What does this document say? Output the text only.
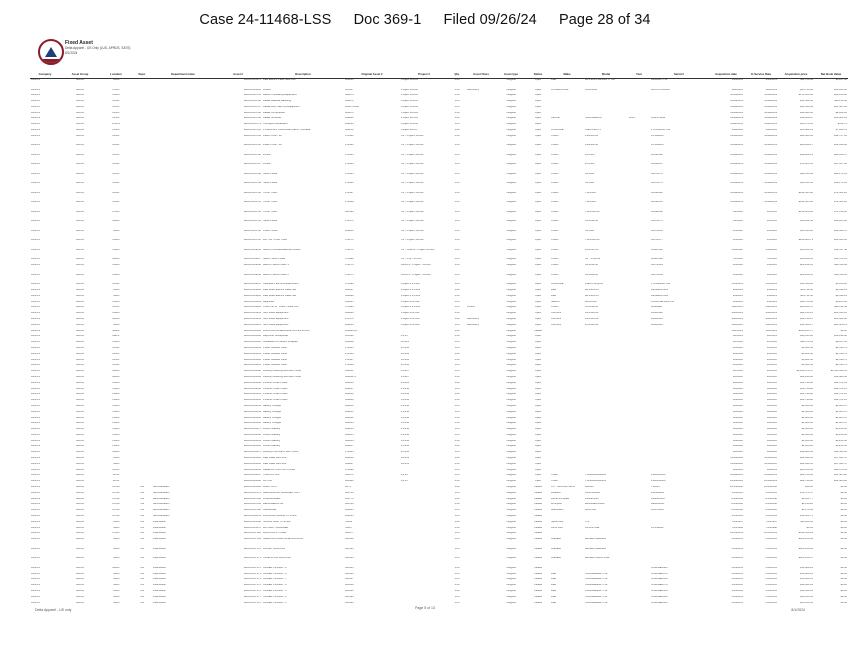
Case 24-11468-LSS Doc 369-1 Filed 09/26/24 Page 28 of 34
Fixed Asset
Delta Apparel - US Only (LUS, APRUS, SATS)
8/1/2024
Company	Asset Group	Location	Dept.	Department name	Asset #	Description	Original Asset #	Project #	Qty.	Asset Class	Asset type	Status	Make	Model	Year	Serial #	Acquisition date	In Service Date	Acquisition price	Net Book Value
APRUS	MACH	THDC			MACH-005574	Fale Electric Pallet Jack #26	609843	Project 18-003	1.00		Tangible	Open	Fale	MPP9D6VS0ZRDKT7T48		A2669617T3P	3/16/2019	3/16/2019	$11,764.69	$6,167.32
APRUS	MACH	FUDC			MACH-005601	Forklift	605007	Project 18-000	1.00	Machinery	Tangible	Open	CATERPILLAR	GC25KRD		NL6.K78010658	10/2/2019	10/2/2019	$35,790.88	$18,189.85
APRUS	MACH	CHDC			MACH-005703	Hebron Operating Equipment	409879	Project 18-041	1.00		Tangible	Open					11/18/2019	11/18/2019	$174,650.30	$90,258.86
APRUS	MACH	DLDC			MACH-005706	Dallas Material Handling	409876	Project 18-003	1.00		Tangible	Open					11/18/2019	11/18/2019	$21,562.90	$11,133.86
APRUS	MACH	DLDC			MACH-005707	Dallas Misc Start Up Equipment	409879-008	Project 18-003	1.00		Tangible	Open					11/18/2019	11/18/2019	$41,461.90	$21,425.94
APRUS	MACH	DLDC			MACH-005708	Dallas Compressor	409871	Project 18-003	1.00		Tangible	Open					11/18/2019	11/18/2019	$18,093.06	$9,349.06
APRUS	MACH	DLDC			MACH-005709	Dallas Scrubber	409822	Project 18-003	1.00		Tangible	Open	Karcher	SCRUBERICK	2019	1122174992	11/18/2019	11/18/2019	$19,309.87	$10,083.23
APRUS	MACH	COVIN			MACH-005779	Covington Expansion	409830	Project 18-000	1.00		Tangible	Open					11/22/2019	11/22/2019	$16,671.20	$553.72
APRUS	MACH	FUDC			MACH-005781	PUSH/PULL CASCADE 35E ATTACHME	601169	Project 18-047	1.00		Tangible	Open	CASCADE	35E-PPE-671		P7L25H258-7A3	1/29/2020	1/29/2020	$15,382.13	$7,620.74
APRUS	MACH	DLDC			MACH-005784	Pallet Truck - 48"	474441	C1 - Project 18-023	1.00		Tangible	Open	Crown	PR4500-60		1C1G6203	11/19/2019	11/19/2019	$28,583.30	$14,707.95
APRUS	MACH	DLDC			MACH-005785	Pallet Truck - 96"	474443	C1 - Project 18-023	1.00		Tangible	Open	Crown	PR4500-60		1C1G6208	11/19/2019	11/19/2019	$28,609.27	$14,834.96
APRUS	MACH	DLDC			MACH-005786	Forklift	474443	C1 - Project 18-023	1.00		Tangible	Open	Crown	RC5500		1A696142	11/19/2019	11/19/2019	$38,922.13	$20,058.57
APRUS	MACH	DLDC			MACH-005787	Forklift	474444	C1 - Project 18-023	1.00		Tangible	Open	Crown	RC5500		1A696167	11/19/2019	11/19/2019	$73,180.51	$37,817.83
APRUS	MACH	DLDC			MACH-005788	Stock Picker	474445	C1 - Project 18-023	1.00		Tangible	Open	Crown	SP3500		1A671176	11/19/2019	11/19/2019	$38,556.59	$19,171.14
APRUS	MACH	DLDC			MACH-005789	Stock Picker	474446	C1 - Project 18-023	1.00		Tangible	Open	Crown	SP3500		1A671173	11/19/2019	11/19/2019	$38,556.59	$19,171.14
APRUS	MACH	DLDC			MACH-005790	Turret Truck	474447	C1 - Project 18-023	1.00		Tangible	Open	Crown	TSP6500		1A696520	11/19/2019	11/19/2019	$144,595.60	$74,601.22
APRUS	MACH	DLDC			MACH-005791	Turret Truck	474448	C1 - Project 18-023	1.00		Tangible	Open	Crown	TSP6500		1A696521	11/19/2019	11/19/2019	$144,595.60	$74,601.22
APRUS	MACH	FUDC			MACH-005792	Turret Truck	409100	C1 - Project 18-036	1.00		Tangible	Open	Crown	TSP6500-33		1A696038	1/2/2020	1/2/2020	$133,460.00	$71,190.82
APRUS	MACH	NBDC			MACH-005793	Stock Picker	474371	C1 - Project 18-036	1.00		Tangible	Open	Crown	SP3530-30		1A671175	1/2/2020	1/2/2020	$58,832.56	$31,286.90
APRUS	MACH	THDC			MACH-005794	Order Picker	409840	C1 - Project 18-036	1.00		Tangible	Open	Crown	SP3500		1A672036	1/6/2020	1/6/2020	$56,096.00	$29,694.72
APRUS	MACH	CHDC			MACH-005795	DH TSP Turret Truck	474271	C1 - Project 18-036	1.00		Tangible	Open	Crown	TSP6500-33		1A672677	1/6/2020	1/6/2020	$129,486.73	$69,000.34
APRUS	MACH	CHDC			MACH-005805	Hebron Counterbalanced Forklift	474272	C1 - JOBUS - Project 20-000	1.00		Tangible	Open	Crown	RC5535-35		1A461385	3/18/2020	3/18/2020	$35,121.60	$18,517.58
APRUS	MACH	NBDC			MACH-005827	NBDC Stock Picker	474392	C1 - Proj - 20-015	1.00		Tangible	Open	Crown	SP - 3510-30		1A683380	7/2/2020	7/2/2020	$56,288.81	$30,471.81
APRUS	MACH	CHDC			MACH-005838	Hebron Stock Picker 1	474274	APRUS - Project - 19-036	1.00		Tangible	Open	Crown	SP3530-30		1A672964	1/8/2020	1/8/2020	$60,232.16	$32,119.99
APRUS	MACH	CHDC			MACH-005841	Hebron Stock Picker 2	474275	APRUS - Project - 19-036	1.00		Tangible	Open	Crown	SP3500-30		1A673049	1/8/2020	1/8/2020	$60,232.16	$32,119.99
APRUS	MACH	DLDC			MACH-005878	Cascade Push/Pull attachment	474492	Project # 21-011	1.00		Tangible	Open	CASCADE	35E-PPB-Q050		P7L25H258-7A3	5/25/2021	5/25/2021	$13,438.00	$5,659.80
APRUS	MACH	THDC			MACH-005880	Fale Rider Electric Pallet Jac	409837	Project # 21-003	1.00		Tangible	Open	Fale	MPP9D5V4		A2694RD1F2V	2/8/2021	2/8/2021	$14,711.50	$6,599.13
APRUS	MACH	THDC			MACH-005881	Fale Rider Electric Pallet Jac	409838	Project # 21-003	1.00		Tangible	Open	Fale	MPP9D5V4		A2694RD1S4V	2/8/2021	2/8/2021	$14,711.50	$6,599.13
APRUS	MACH	PHDC			MACH-005941	Bagcloser	409835	Project P01-001	1.00		Tangible	Open	NEDLO	MAXLINH		1083-R1E/1083-F1T	2/8/2021	2/8/2021	$13,750.00	$6,205.30
APRUS	MACH	DLDC			MACH-005950	Crown 36"/8" Order Picker W/2	474494	Project # 21-003	1.00	Forklift	Tangible	Open	Crown	SP3530-30		A58868E	3/22/2021	3/22/2021	$60,821.76	$32,211.44
APRUS	MACH	PHDC			MACH-005953	S&J Sheet Equipment	409839	Project P01-001	1.00		Tangible	Open	CROWN	RC5540-40		1A669122	3/23/2021	3/23/2021	$44,153.25	$20,333.21
APRUS	MACH	NBDC			MACH-005954	S&J Sheet Equipment	474170	Project P01-008	1.00	Machinery	Tangible	Open	CROWN	RC5540-40		1A669121	3/23/2021	3/23/2021	$46,744.87	$26,604.36
APRUS	MACH	THDC			MACH-005955	S&J Sheet Equipment	409840	Project P01-008	1.00	Machinery	Tangible	Open	CROWN	RC5540-40		1A669105	3/23/2021	3/23/2021	$41,523.27	$26,308.13
APRUS	MACH	NBDC			MACH-006011	RACKING-CASE/PALLET/PIPE FLOWS	409820-01		1.00		Tangible	Closed					10/1/2021	10/1/2021	$346,655.75	$0.00
APRUS	MACH	DEPF			MACH-006130	Raymond Stockpicker	100330	21-05	1.00		Tangible	Open					8/1/2021	8/1/2021	$16,195.00	$10,292.88
APRUS	MACH	PHDC			MACH-006136	Installation of Stretch Wrapper	409888	20-021	1.00		Tangible	Open					2/1/2022	2/1/2022	$11,371.63	$8,617.81
APRUS	MACH	DLDC			MACH-006203	Power Breeder Fans	474405	22-032	1.00		Tangible	Open					4/6/2022	4/6/2022	$5,681.30	$4,539.74
APRUS	MACH	DLDC			MACH-006203	Power Breeder Fans	474406	22-032	1.00		Tangible	Open					4/6/2022	4/6/2022	$5,681.30	$4,539.74
APRUS	MACH	DLDC			MACH-006204	Power Breeder Fans	474407	22-032	1.00		Tangible	Open					4/6/2022	4/6/2022	$5,681.30	$4,539.74
APRUS	MACH	DLDC			MACH-006205	Power Breeder Fans	474408	22-032	1.00		Tangible	Open					4/6/2022	4/6/2022	$5,681.30	$4,539.74
APRUS	MACH	NBDC			MACH-006208	Duxbury Racking and Mezz Gold	409811	21-027	1.00		Tangible	Open					4/1/2022	4/1/2022	$1,290,871.97	$1,103,930.11
APRUS	MACH	NBDC			MACH-006209	Duxbury Racking and Mezz Gold	409811-1	21-027	1.00		Tangible	Open					4/1/2022	4/1/2022	$43,244.00	$36,984.40
APRUS	MACH	PHDC			MACH-006248	Phoenix Order Picker	409846	21-044	1.00		Tangible	Open					6/6/2022	6/6/2022	$54,798.88	$42,471.25
APRUS	MACH	PHDC			MACH-006250	Phoenix Order Picker	409847	21-044	1.00		Tangible	Open					6/6/2022	6/6/2022	$54,798.88	$42,471.25
APRUS	MACH	PHDC			MACH-006251	Phoenix Order Picker	409848	21-044	1.00		Tangible	Open					6/6/2022	6/6/2022	$54,798.88	$42,471.25
APRUS	MACH	PHDC			MACH-006252	Phoenix Order Picker	409849	21-044	1.00		Tangible	Open					6/6/2022	6/6/2022	$54,798.88	$42,471.25
APRUS	MACH	PHDC			MACH-006253	Battery Charger	409850	21-044	1.00		Tangible	Open					6/6/2022	6/6/2022	$1,400.00	$1,085.78
APRUS	MACH	PHDC			MACH-006254	Battery Charger	409851	21-044	1.00		Tangible	Open					6/6/2022	6/6/2022	$1,400.00	$1,085.78
APRUS	MACH	PHDC			MACH-006255	Battery Charger	409852	21-044	1.00		Tangible	Open					6/6/2022	6/6/2022	$1,400.00	$1,085.78
APRUS	MACH	PHDC			MACH-006256	Battery Charger	409853	21-044	1.00		Tangible	Open					6/6/2022	6/6/2022	$1,400.00	$1,085.78
APRUS	MACH	PHDC			MACH-006257	Lithium Battery	409854	21-044	1.00		Tangible	Open					6/6/2022	6/6/2022	$1,600.00	$1,240.06
APRUS	MACH	PHDC			MACH-006258	Lithium Battery	409855	21-044	1.00		Tangible	Open					6/6/2022	6/6/2022	$1,600.00	$1,240.06
APRUS	MACH	PHDC			MACH-006259	Lithium Battery	409856	21-044	1.00		Tangible	Open					6/6/2022	6/6/2022	$1,600.00	$1,240.06
APRUS	MACH	PHDC			MACH-006260	Lithium Battery	409857	21-044	1.00		Tangible	Open					6/6/2022	6/6/2022	$1,600.00	$1,240.06
APRUS	MACH	NBDC			MACH-006457	Duxbury Fire Alarm Horn Strob	474364	22-041	1.00		Tangible	Open					8/3/2022	8/3/2022	$36,481.00	$30,594.66
APRUS	MACH	THDC			MACH-006620	Fale Pallet Both #08	409848	22-051	1.00		Tangible	Open					11/16/2022	11/16/2022	$21,944.51	$17,821.57
APRUS	MACH	THDC			MACH-006630	Fale Pallet Both #00	409847	22-051	1.00		Tangible	Open					11/16/2022	11/16/2022	$21,944.51	$17,821.57
APRUS	MACH	DLDC			MACH-006685	Dallas AC Unit in DTG Area	474099		1.00		Tangible	Open					8/6/2023	8/6/2023	$20,219.06	$18,679.61
APRUS	MACH	DLTH			MACH-006687	Trane AC Unit	409170	23-15	1.00		Tangible	Open	Trane	TSF060A4000001		2100104060	10/20/2023	10/20/2023	$24,798.00	$22,465.82
APRUS	MACH	DLTH			MACH-006688	AC Unit	409180	23-15	1.00		Tangible	Open	Trane	TSF060A4000001		2102104060	10/20/2023	10/20/2023	$24,798.00	$22,465.82
APRUS	MACH	CONC	788	Administration	MACH-005930	LIGHT BOX	6075		1.00		Tangible	Closed	UTI - Minimize Items	MM030		T03595	10/15/2006	10/15/2006	$34.60	$0.00
APRUS	MACH	CONC	788	Administration	MACH-007076	REPLACE AIR HANDLER UNIT	601702		1.00		Tangible	Closed	Fedders	A2SPG042A		241900423	3/15/2012	3/15/2012	$74,571.47	$0.00
APRUS	MACH	CONC	788	Administration	MACH-007082	DISHWASHER	408776		1.00		Tangible	Closed	Fisher & Paykel	DD24DV2H		DD24DV2H	8/15/2008	8/15/2008	$1,181.77	$0.00
APRUS	MACH	CONC	788	Administration	MACH-007083	REFRIGERATOR	408780		1.00		Tangible	Closed	Whirlpool	ED5GHEXWD06		RE5326687	8/15/2008	8/15/2008	$1,136.28	$0.00
APRUS	MACH	CONC	788	Administration	MACH-007086	ICEMAKER	408885		1.00		Tangible	Closed	Manitowoc	QF0374A		110076005	8/15/2008	8/15/2008	$3,474.09	$0.00
APRUS	MACH	CONC	788	Administration	MACH-002801	BURGLAR ALARM SYSTEM	606035		1.00		Tangible	Closed					2/15/2011	2/15/2011	$14,001.71	$0.00
APRUS	MACH	THDC	720	Distribution	MACH-005568	SPIRAL GRIP SYSTEM	55123		1.00		Tangible	Closed	Spiral Grip	370			7/15/1997	7/15/1997	$11,280.51	$0.00
APRUS	MACH	THDC	720	Distribution	MACH-005570	BATTERY CHARGER	55127		1.00		Tangible	Closed	Ferro Flex	FR1C3700E		OP1M2DA	7/15/1998	7/15/1998	$0.01	$0.00
APRUS	MACH	FUDC	720	Distribution	MACH-007168	RACKING SYSTEM	406277		1.00		Tangible	Closed					10/15/2003	10/15/2003	$391,656.23	$0.00
APRUS	MACH	THDC	720	Distribution	MACH-007169	NARROW AISLE CASE RACKING	406312		1.00		Tangible	Closed	Interlake	Mecalux Selective			5/15/2005	5/15/2005	$201,208.69	$0.00
APRUS	MACH	THDC	720	Distribution	MACH-007170	PALLET RACKING	406313		1.00		Tangible	Closed	Interlake	Mecalux Selective			5/15/2005	5/15/2005	$201,208.69	$0.00
APRUS	MACH	THDC	720	Distribution	MACH-007171	CASE FLOW RACKING	406314		1.00		Tangible	Closed	Interlake	Mecalux Carton Flow			5/15/2005	5/15/2005	$201,208.67	$0.00
APRUS	MACH	NBDC	720	Distribution	MACH-007172	ORDER PICKER - 8	406315		1.00		Tangible	Closed				OSDN9E346C	5/15/2005	5/15/2005	$13,988.24	$0.00
APRUS	MACH	THDC	720	Distribution	MACH-007173	ORDER PICKER - 8	406316		1.00		Tangible	Closed	Fale	C0000BE9DHTT19		OSDN9E037C	5/15/2005	5/15/2005	$13,988.24	$0.00
APRUS	MACH	THDC	720	Distribution	MACH-007174	ORDER PICKER - 7	406317		1.00		Tangible	Closed	Fale	C0000BE9DHTT19		OSDN9E035C	5/15/2005	5/15/2005	$13,921.01	$0.00
APRUS	MACH	THDC	720	Distribution	MACH-007175	ORDER PICKER - 6	406318		1.00		Tangible	Closed	Fale	C0000BE9DHTT19		OSDN9E037C	5/15/2005	5/15/2005	$13,921.01	$0.00
APRUS	MACH	THDC	720	Distribution	MACH-007176	ORDER PICKER - 5	406319		1.00		Tangible	Closed	Fale	C0000BE9DHTT19		OSDN9E032C	5/15/2005	5/15/2005	$10,650.33	$0.00
APRUS	MACH	THDC	720	Distribution	MACH-007177	ORDER PICKER - 4	406320		1.00		Tangible	Closed	Fale	C0000BE9DHTT19		OSDN9E030C	5/15/2005	5/15/2005	$10,650.33	$0.00
APRUS	MACH	THDC	720	Distribution	MACH-007178	ORDER PICKER - 3	406326		1.00		Tangible	Closed	Fale	C0000BE9DHTT19		OSDN9E030C	5/15/2005	5/15/2005	$10,650.33	$0.00
Delta Apparel - US only	Page 5 of 13	8/1/2024
